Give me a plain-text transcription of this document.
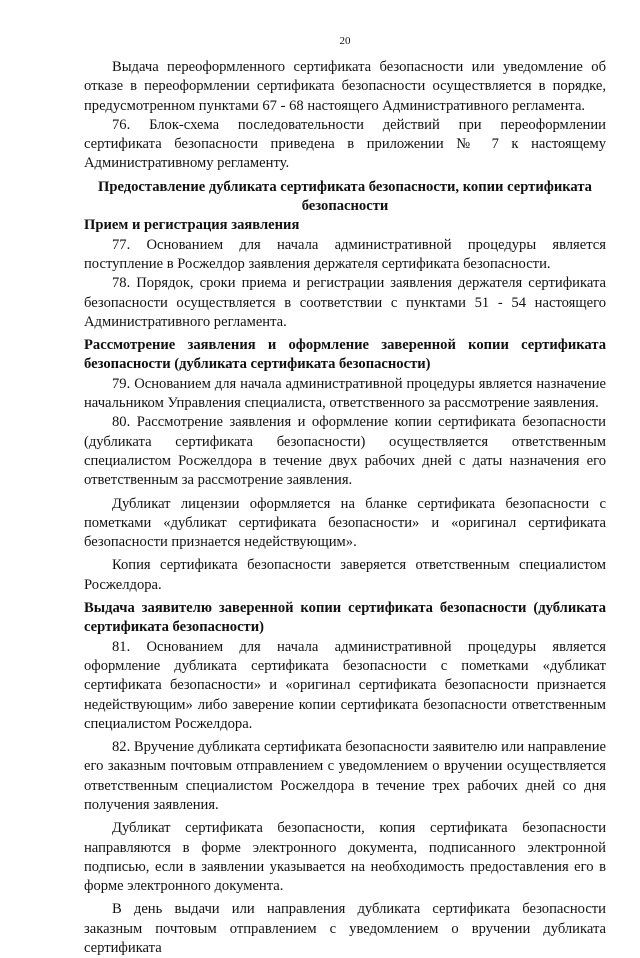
20

Выдача переоформленного сертификата безопасности или уведомление об отказе в переоформлении сертификата безопасности осуществляется в порядке, предусмотренном пунктами 67 - 68 настоящего Административного регламента.

76. Блок-схема последовательности действий при переоформлении сертификата безопасности приведена в приложении № 7 к настоящему Административному регламенту.

Предоставление дубликата сертификата безопасности, копии сертификата безопасности
Прием и регистрация заявления

77. Основанием для начала административной процедуры является поступление в Росжелдор заявления держателя сертификата безопасности.

78. Порядок, сроки приема и регистрации заявления держателя сертификата безопасности осуществляется в соответствии с пунктами 51 - 54 настоящего Административного регламента.

Рассмотрение заявления и оформление заверенной копии сертификата безопасности (дубликата сертификата безопасности)

79. Основанием для начала административной процедуры является назначение начальником Управления специалиста, ответственного за рассмотрение заявления.

80. Рассмотрение заявления и оформление копии сертификата безопасности (дубликата сертификата безопасности) осуществляется ответственным специалистом Росжелдора в течение двух рабочих дней с даты назначения его ответственным за рассмотрение заявления.

Дубликат лицензии оформляется на бланке сертификата безопасности с пометками «дубликат сертификата безопасности» и «оригинал сертификата безопасности признается недействующим».

Копия сертификата безопасности заверяется ответственным специалистом Росжелдора.

Выдача заявителю заверенной копии сертификата безопасности (дубликата сертификата безопасности)

81. Основанием для начала административной процедуры является оформление дубликата сертификата безопасности с пометками «дубликат сертификата безопасности» и «оригинал сертификата безопасности признается недействующим» либо заверение копии сертификата безопасности ответственным специалистом Росжелдора.

82. Вручение дубликата сертификата безопасности заявителю или направление его заказным почтовым отправлением с уведомлением о вручении осуществляется ответственным специалистом Росжелдора в течение трех рабочих дней со дня получения заявления.

Дубликат сертификата безопасности, копия сертификата безопасности направляются в форме электронного документа, подписанного электронной подписью, если в заявлении указывается на необходимость предоставления его в форме электронного документа.

В день выдачи или направления дубликата сертификата безопасности заказным почтовым отправлением с уведомлением о вручении дубликата сертификата
